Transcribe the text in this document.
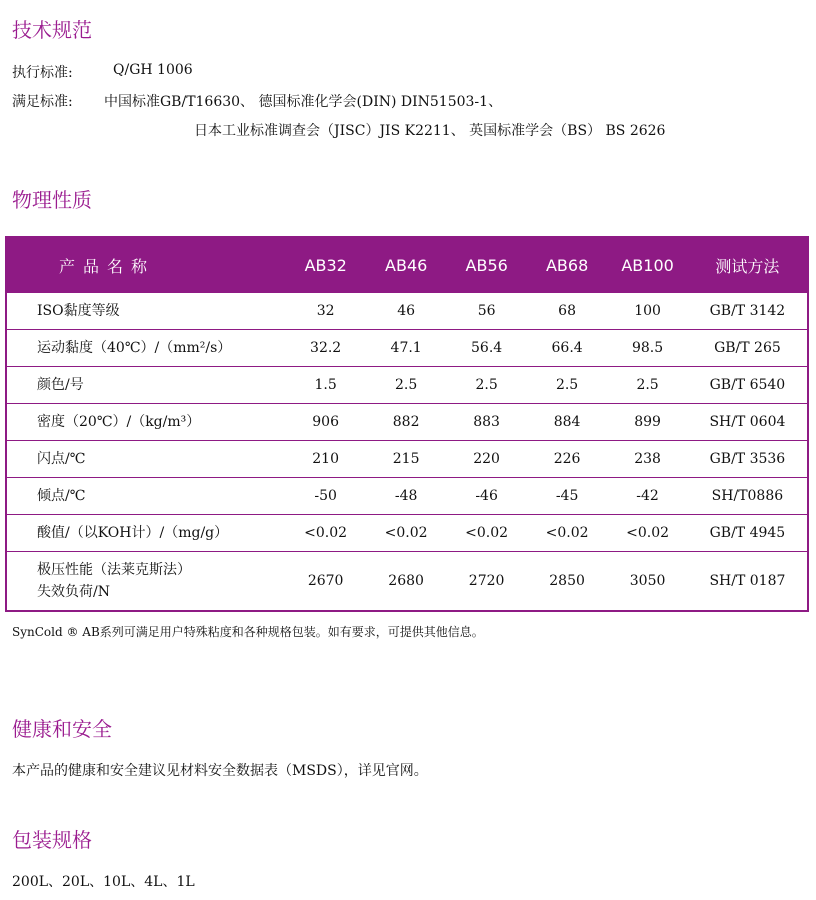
技术规范
执行标准:	Q/GH 1006
满足标准: 中国标准GB/T16630、 德国标准化学会(DIN) DIN51503-1、
日本工业标准调查会（JISC）JIS K2211、 英国标准学会（BS） BS 2626
物理性质
产品名称	AB32	AB46	AB56	AB68	AB100	测试方法
ISO黏度等级	32	46	56	68	100	GB/T 3142
运动黏度（40℃）/（mm²/s）	32.2	47.1	56.4	66.4	98.5	GB/T 265
颜色/号	1.5	2.5	2.5	2.5	2.5	GB/T 6540
密度（20℃）/（kg/m³）	906	882	883	884	899	SH/T 0604
闪点/℃	210	215	220	226	238	GB/T 3536
倾点/℃	-50	-48	-46	-45	-42	SH/T0886
酸值/（以KOH计）/（mg/g）	<0.02	<0.02	<0.02	<0.02	<0.02	GB/T 4945
极压性能（法莱克斯法）
失效负荷/N
2670	2680	2720	2850	3050	SH/T 0187
SynCold ® AB系列可满足用户特殊粘度和各种规格包装。如有要求，可提供其他信息。
健康和安全
本产品的健康和安全建议见材料安全数据表（MSDS），详见官网。
包装规格
200L、20L、10L、4L、1L
